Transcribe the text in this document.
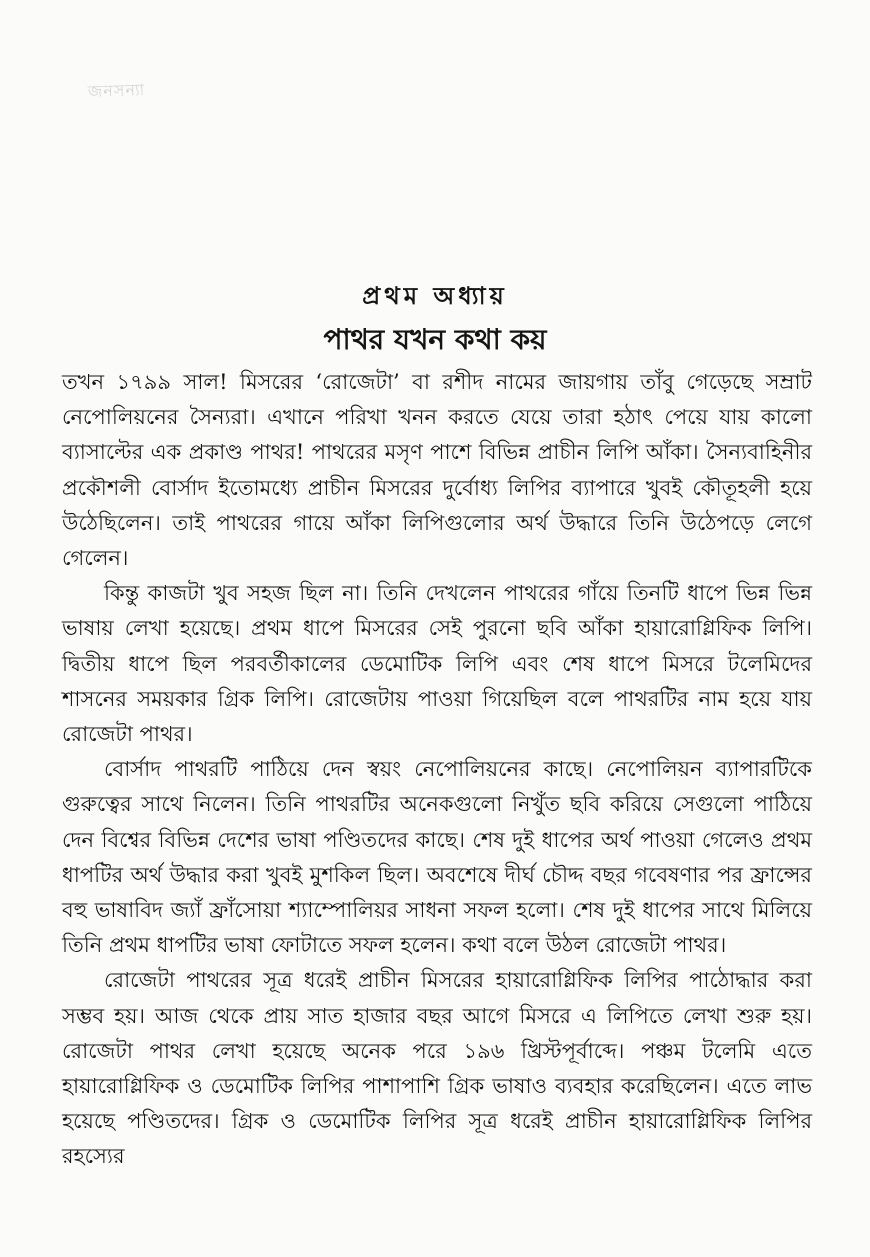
জনসন্যা
প্রথম অধ্যায়
পাথর যখন কথা কয়

তখন ১৭৯৯ সাল! মিসরের ‘রোজেটা’ বা রশীদ নামের জায়গায় তাঁবু গেড়েছে সম্রাট নেপোলিয়নের সৈন্যরা। এখানে পরিখা খনন করতে যেয়ে তারা হঠাৎ পেয়ে যায় কালো ব্যাসাল্টের এক প্রকাণ্ড পাথর! পাথরের মসৃণ পাশে বিভিন্ন প্রাচীন লিপি আঁকা। সৈন্যবাহিনীর প্রকৌশলী বোর্সাদ ইতোমধ্যে প্রাচীন মিসরের দুর্বোধ্য লিপির ব্যাপারে খুবই কৌতূহলী হয়ে উঠেছিলেন। তাই পাথরের গায়ে আঁকা লিপিগুলোর অর্থ উদ্ধারে তিনি উঠেপড়ে লেগে গেলেন।

কিন্তু কাজটা খুব সহজ ছিল না। তিনি দেখলেন পাথরের গাঁয়ে তিনটি ধাপে ভিন্ন ভিন্ন ভাষায় লেখা হয়েছে। প্রথম ধাপে মিসরের সেই পুরনো ছবি আঁকা হায়ারোগ্লিফিক লিপি। দ্বিতীয় ধাপে ছিল পরবর্তীকালের ডেমোটিক লিপি এবং শেষ ধাপে মিসরে টলেমিদের শাসনের সময়কার গ্রিক লিপি। রোজেটায় পাওয়া গিয়েছিল বলে পাথরটির নাম হয়ে যায় রোজেটা পাথর।

বোর্সাদ পাথরটি পাঠিয়ে দেন স্বয়ং নেপোলিয়নের কাছে। নেপোলিয়ন ব্যাপারটিকে গুরুত্বের সাথে নিলেন। তিনি পাথরটির অনেকগুলো নিখুঁত ছবি করিয়ে সেগুলো পাঠিয়ে দেন বিশ্বের বিভিন্ন দেশের ভাষা পণ্ডিতদের কাছে। শেষ দুই ধাপের অর্থ পাওয়া গেলেও প্রথম ধাপটির অর্থ উদ্ধার করা খুবই মুশকিল ছিল। অবশেষে দীর্ঘ চৌদ্দ বছর গবেষণার পর ফ্রান্সের বহু ভাষাবিদ জ্যাঁ ফ্রাঁসোয়া শ্যাম্পোলিয়র সাধনা সফল হলো। শেষ দুই ধাপের সাথে মিলিয়ে তিনি প্রথম ধাপটির ভাষা ফোটাতে সফল হলেন। কথা বলে উঠল রোজেটা পাথর।

রোজেটা পাথরের সূত্র ধরেই প্রাচীন মিসরের হায়ারোগ্লিফিক লিপির পাঠোদ্ধার করা সম্ভব হয়। আজ থেকে প্রায় সাত হাজার বছর আগে মিসরে এ লিপিতে লেখা শুরু হয়। রোজেটা পাথর লেখা হয়েছে অনেক পরে ১৯৬ খ্রিস্টপূর্বাব্দে। পঞ্চম টলেমি এতে হায়ারোগ্লিফিক ও ডেমোটিক লিপির পাশাপাশি গ্রিক ভাষাও ব্যবহার করেছিলেন। এতে লাভ হয়েছে পণ্ডিতদের। গ্রিক ও ডেমোটিক লিপির সূত্র ধরেই প্রাচীন হায়ারোগ্লিফিক লিপির রহস্যের
